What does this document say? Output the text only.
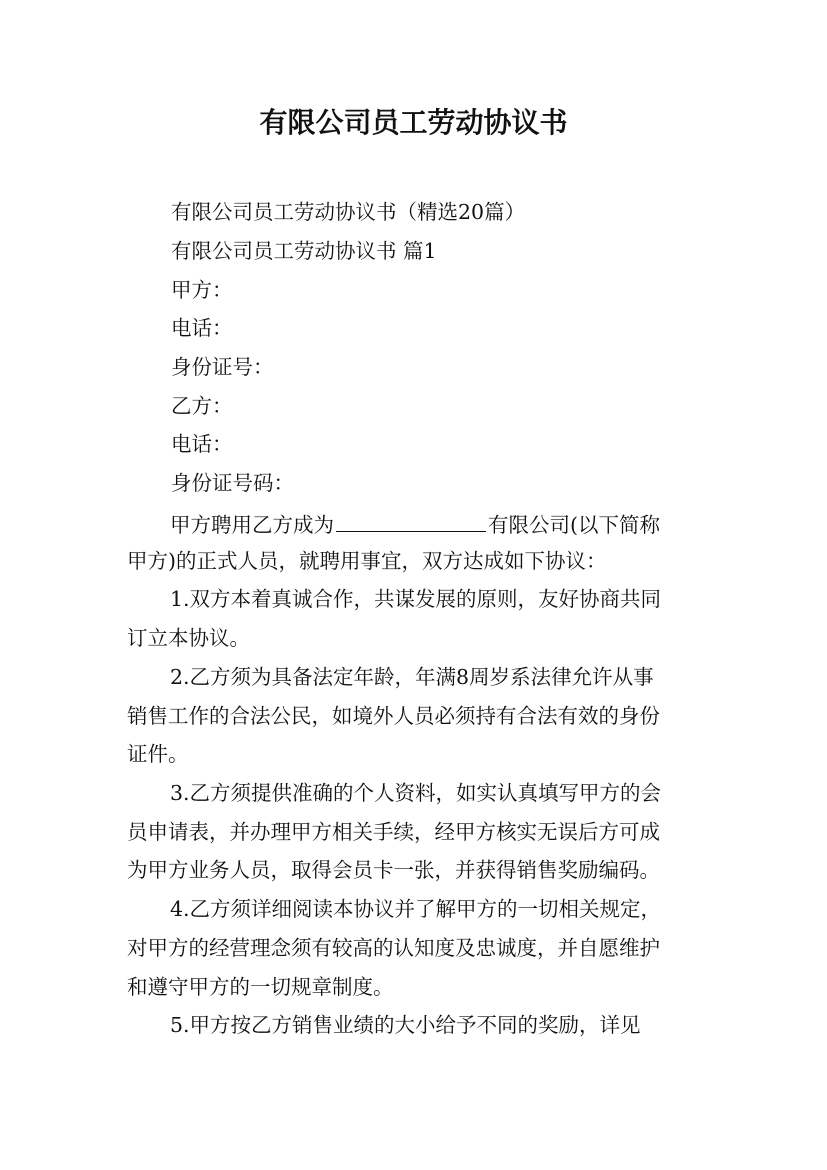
有限公司员工劳动协议书
有限公司员工劳动协议书（精选20篇）
有限公司员工劳动协议书 篇1
甲方：
电话：
身份证号：
乙方：
电话：
身份证号码：
甲方聘用乙方成为	有限公司(以下简称
甲方)的正式人员，就聘用事宜，双方达成如下协议：
1.双方本着真诚合作，共谋发展的原则，友好协商共同
订立本协议。
2.乙方须为具备法定年龄，年满8周岁系法律允许从事
销售工作的合法公民，如境外人员必须持有合法有效的身份
证件。
3.乙方须提供准确的个人资料，如实认真填写甲方的会
员申请表，并办理甲方相关手续，经甲方核实无误后方可成
为甲方业务人员，取得会员卡一张，并获得销售奖励编码。
4.乙方须详细阅读本协议并了解甲方的一切相关规定，
对甲方的经营理念须有较高的认知度及忠诚度，并自愿维护
和遵守甲方的一切规章制度。
5.甲方按乙方销售业绩的大小给予不同的奖励，详见
